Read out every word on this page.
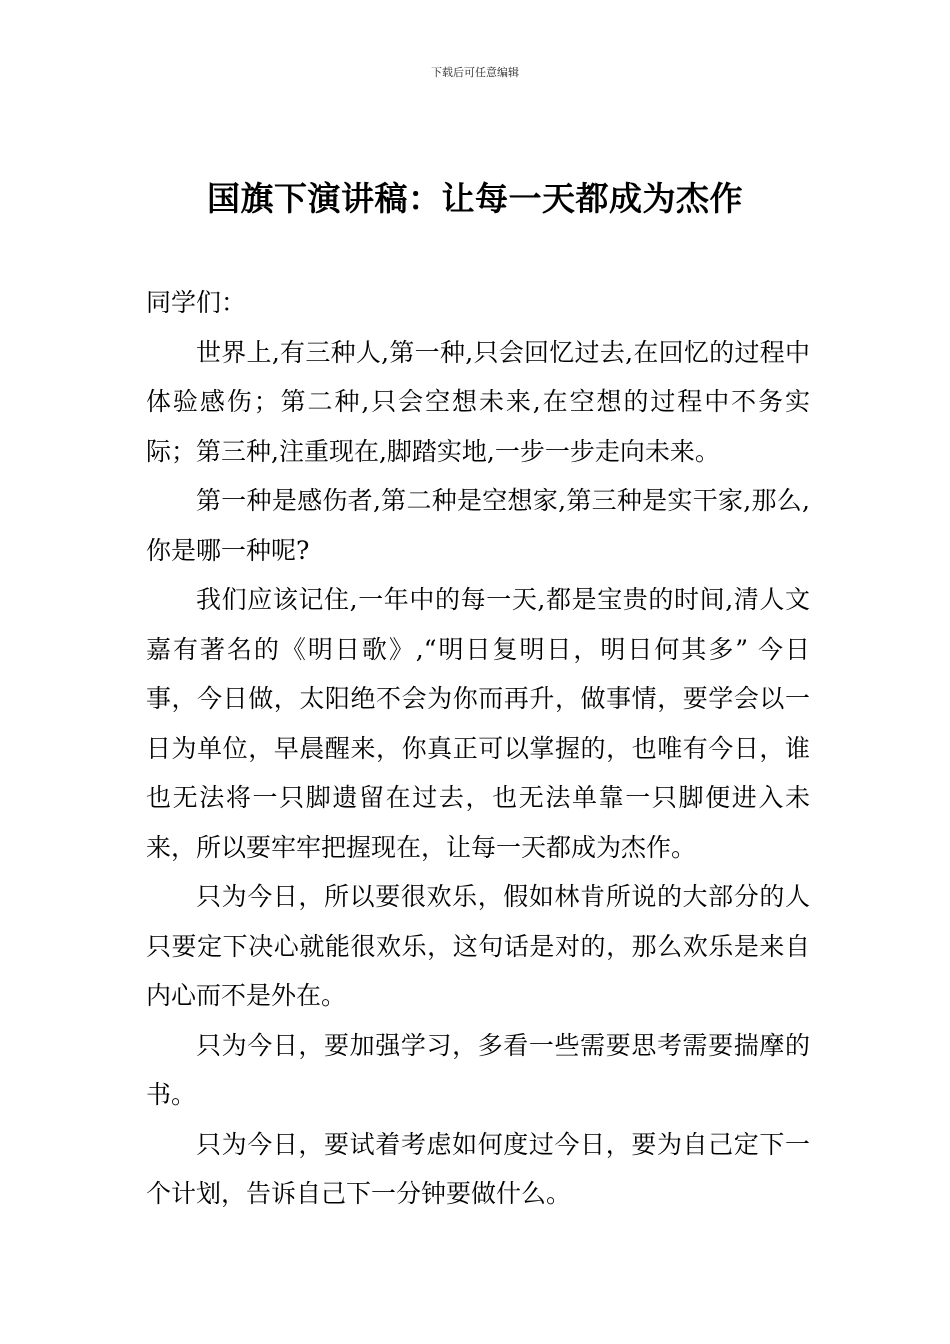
下载后可任意编辑
国旗下演讲稿：让每一天都成为杰作

同学们：

世界上,有三种人,第一种,只会回忆过去,在回忆的过程中体验感伤；第二种,只会空想未来,在空想的过程中不务实际；第三种,注重现在,脚踏实地,一步一步走向未来。

第一种是感伤者,第二种是空想家,第三种是实干家,那么,你是哪一种呢?

我们应该记住,一年中的每一天,都是宝贵的时间,清人文嘉有著名的《明日歌》,“明日复明日，明日何其多” 今日事，今日做，太阳绝不会为你而再升，做事情，要学会以一日为单位，早晨醒来，你真正可以掌握的，也唯有今日，谁也无法将一只脚遗留在过去，也无法单靠一只脚便进入未来，所以要牢牢把握现在，让每一天都成为杰作。

只为今日，所以要很欢乐，假如林肯所说的大部分的人只要定下决心就能很欢乐，这句话是对的，那么欢乐是来自内心而不是外在。

只为今日，要加强学习，多看一些需要思考需要揣摩的书。

只为今日，要试着考虑如何度过今日，要为自己定下一个计划，告诉自己下一分钟要做什么。
